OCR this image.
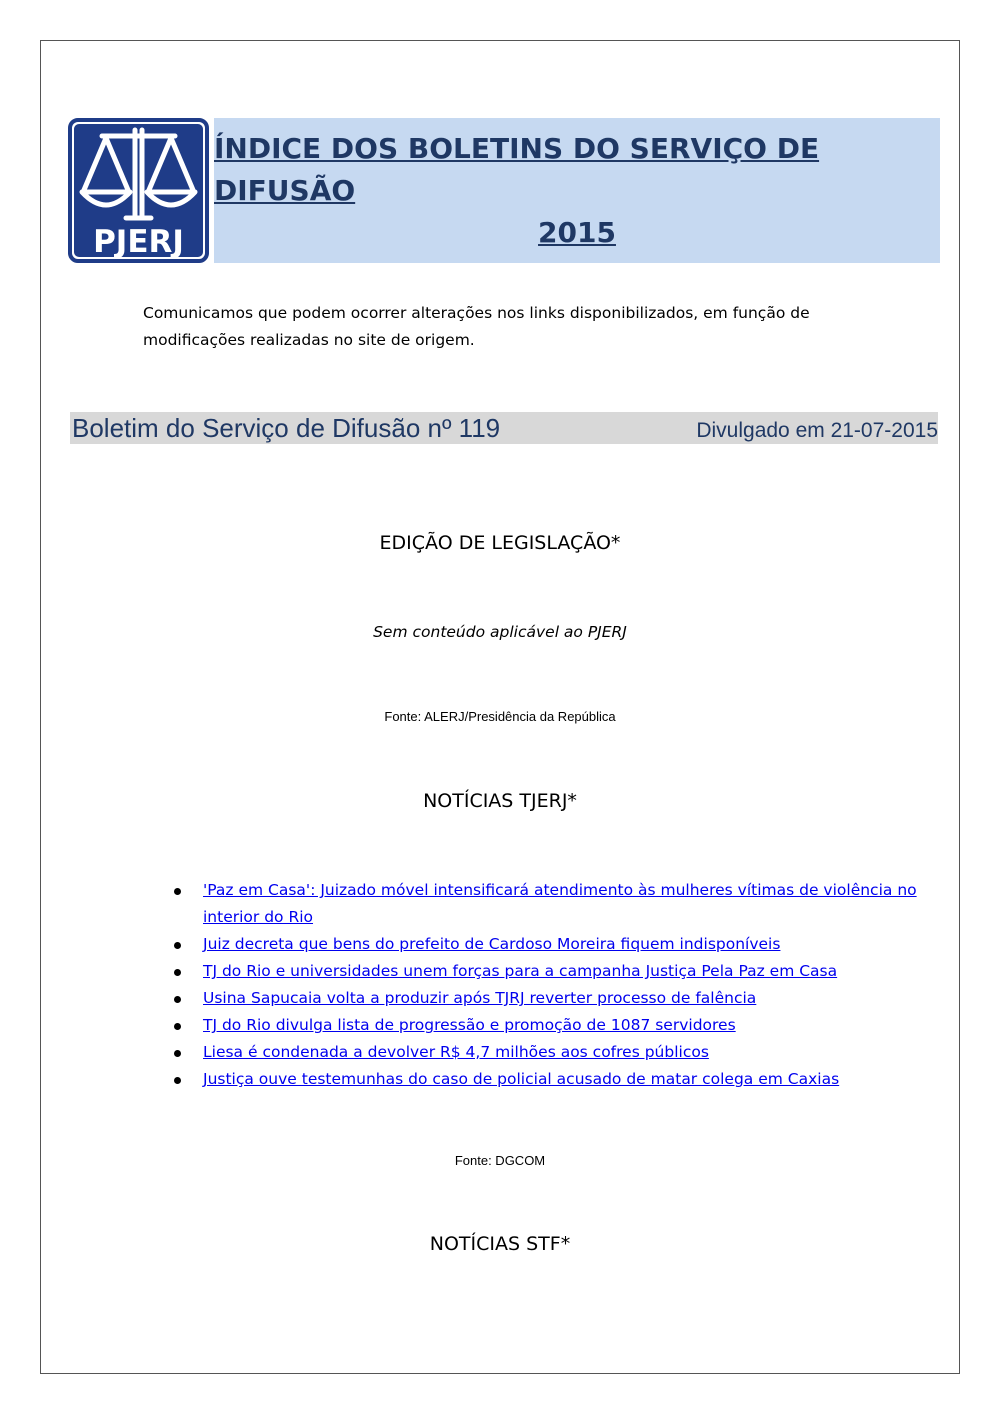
PJERJ
ÍNDICE DOS BOLETINS DO SERVIÇO DE DIFUSÃO
2015
Comunicamos que podem ocorrer alterações nos links disponibilizados, em função de modificações realizadas no site de origem.
Boletim do Serviço de Difusão nº 119	Divulgado em 21-07-2015
EDIÇÃO DE LEGISLAÇÃO*
Sem conteúdo aplicável ao PJERJ
Fonte: ALERJ/Presidência da República
NOTÍCIAS TJERJ*
'Paz em Casa': Juizado móvel intensificará atendimento às mulheres vítimas de violência no interior do Rio
Juiz decreta que bens do prefeito de Cardoso Moreira fiquem indisponíveis
TJ do Rio e universidades unem forças para a campanha Justiça Pela Paz em Casa
Usina Sapucaia volta a produzir após TJRJ reverter processo de falência
TJ do Rio divulga lista de progressão e promoção de 1087 servidores
Liesa é condenada a devolver R$ 4,7 milhões aos cofres públicos
Justiça ouve testemunhas do caso de policial acusado de matar colega em Caxias
Fonte: DGCOM
NOTÍCIAS STF*
